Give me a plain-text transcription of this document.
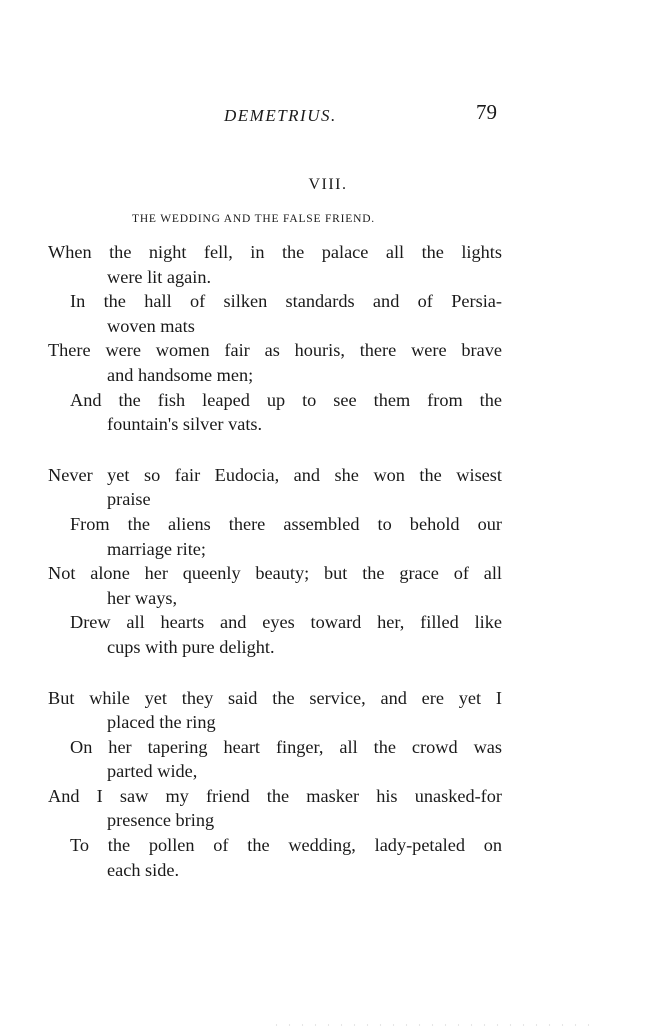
DEMETRIUS.	79
VIII.
THE WEDDING AND THE FALSE FRIEND.
When the night fell, in the palace all the lights
were lit again.
In the hall of silken standards and of Persia-
woven mats
There were women fair as houris, there were brave
and handsome men;
And the fish leaped up to see them from the
fountain's silver vats.
Never yet so fair Eudocia, and she won the wisest
praise
From the aliens there assembled to behold our
marriage rite;
Not alone her queenly beauty; but the grace of all
her ways,
Drew all hearts and eyes toward her, filled like
cups with pure delight.
But while yet they said the service, and ere yet I
placed the ring
On her tapering heart finger, all the crowd was
parted wide,
And I saw my friend the masker his unasked-for
presence bring
To the pollen of the wedding, lady-petaled on
each side.
